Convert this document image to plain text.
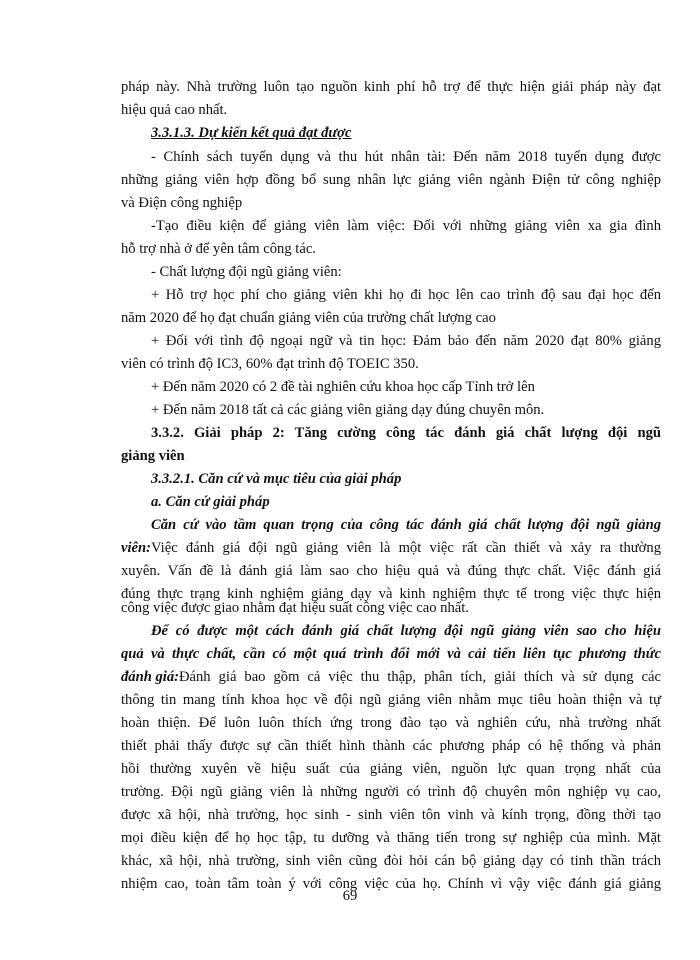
pháp này. Nhà trường luôn tạo nguồn kinh phí hỗ trợ để thực hiện giải pháp này đạt
hiệu quả cao nhất.
3.3.1.3. Dự kiến kết quả đạt được
- Chính sách tuyển dụng và thu hút nhân tài: Đến năm 2018 tuyển dụng được
những giảng viên hợp đồng bổ sung nhân lực giảng viên ngành Điện tử công nghiệp
và Điện công nghiệp
-Tạo điều kiện để giảng viên làm việc: Đối với những giảng viên xa gia đình
hỗ trợ nhà ở để yên tâm công tác.
- Chất lượng đội ngũ giảng viên:
+ Hỗ trợ học phí cho giảng viên khi họ đi học lên cao trình độ sau đại học đến
năm 2020 để họ đạt chuẩn giảng viên của trường chất lượng cao
+ Đối với tình độ ngoại ngữ và tin học: Đảm bảo đến năm 2020 đạt 80% giảng
viên có trình độ IC3, 60% đạt trình độ TOEIC 350.
+ Đến năm 2020 có 2 đề tài nghiên cứu khoa học cấp Tỉnh trở lên
+ Đến năm 2018 tất cả các giảng viên giảng dạy đúng chuyên môn.
3.3.2. Giải pháp 2: Tăng cường công tác đánh giá chất lượng đội ngũ
giảng viên
3.3.2.1. Căn cứ và mục tiêu của giải pháp
a. Căn cứ giải pháp
Căn cứ vào tầm quan trọng của công tác đánh giá chất lượng đội ngũ giảng
viên: Việc đánh giá đội ngũ giảng viên là một việc rất cần thiết và xảy ra thường
xuyên. Vấn đề là đánh giá làm sao cho hiệu quả và đúng thực chất. Việc đánh giá
đúng thực trạng kinh nghiệm giảng dạy và kinh nghiệm thực tế trong việc thực hiện
công việc được giao nhằm đạt hiệu suất công việc cao nhất.
Để có được một cách đánh giá chất lượng đội ngũ giảng viên sao cho hiệu
quả và thực chất, cần có một quá trình đổi mới và cải tiến liên tục phương thức
đánh giá: Đánh giá bao gồm cả việc thu thập, phân tích, giải thích và sử dụng các
thông tin mang tính khoa học về đội ngũ giảng viên nhằm mục tiêu hoàn thiện và tự
hoàn thiện. Để luôn luôn thích ứng trong đào tạo và nghiên cứu, nhà trường nhất
thiết phải thấy được sự cần thiết hình thành các phương pháp có hệ thống và phản
hồi thường xuyên về hiệu suất của giảng viên, nguồn lực quan trọng nhất của
trường. Đội ngũ giảng viên là những người có trình độ chuyên môn nghiệp vụ cao,
được xã hội, nhà trường, học sinh - sinh viên tôn vinh và kính trọng, đồng thời tạo
mọi điều kiện để họ học tập, tu dưỡng và thăng tiến trong sự nghiệp của mình. Mặt
khác, xã hội, nhà trường, sinh viên cũng đòi hỏi cán bộ giảng dạy có tinh thần trách
nhiệm cao, toàn tâm toàn ý với công việc của họ. Chính vì vậy việc đánh giá giảng
69
